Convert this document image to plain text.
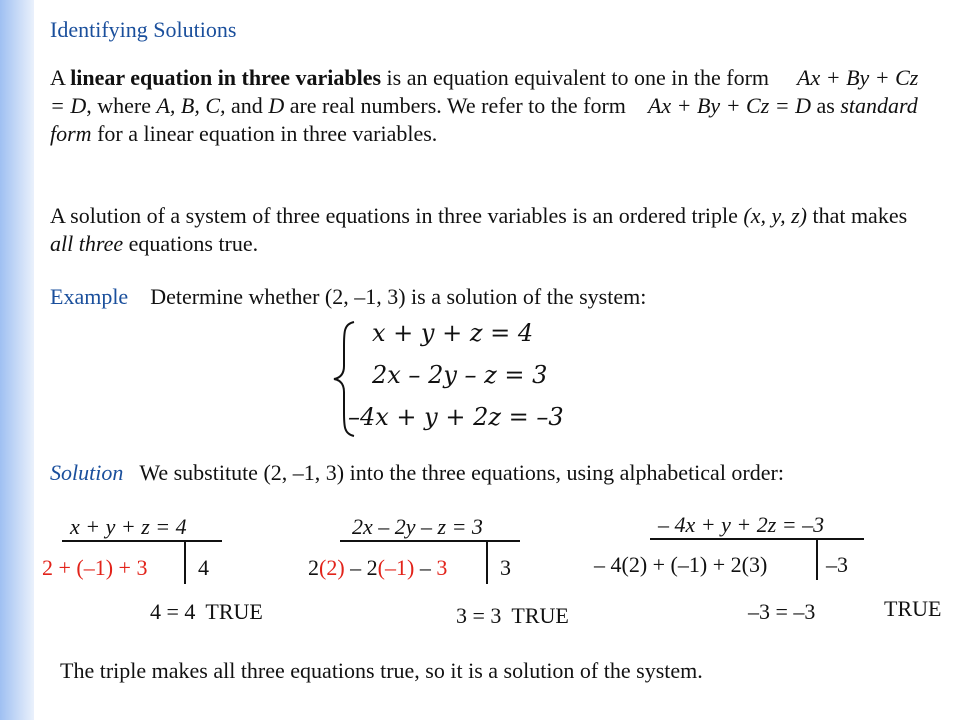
Identifying Solutions
A linear equation in three variables is an equation equivalent to one in the form Ax + By + Cz = D, where A, B, C, and D are real numbers. We refer to the form Ax + By + Cz = D as standard form for a linear equation in three variables.
A solution of a system of three equations in three variables is an ordered triple (x, y, z) that makes all three equations true.
Example Determine whether (2, –1, 3) is a solution of the system:
x + y + z = 4
2x – 2y – z = 3
–4x + y + 2z = –3
Solution We substitute (2, –1, 3) into the three equations, using alphabetical order:
x + y + z = 4
2 + (–1) + 3 4
4 = 4 TRUE
2x – 2y – z = 3
2(2) – 2(–1) – 3 3
3 = 3 TRUE
– 4x + y + 2z = –3
– 4(2) + (–1) + 2(3)	–3
–3 = –3	TRUE
The triple makes all three equations true, so it is a solution of the system.
